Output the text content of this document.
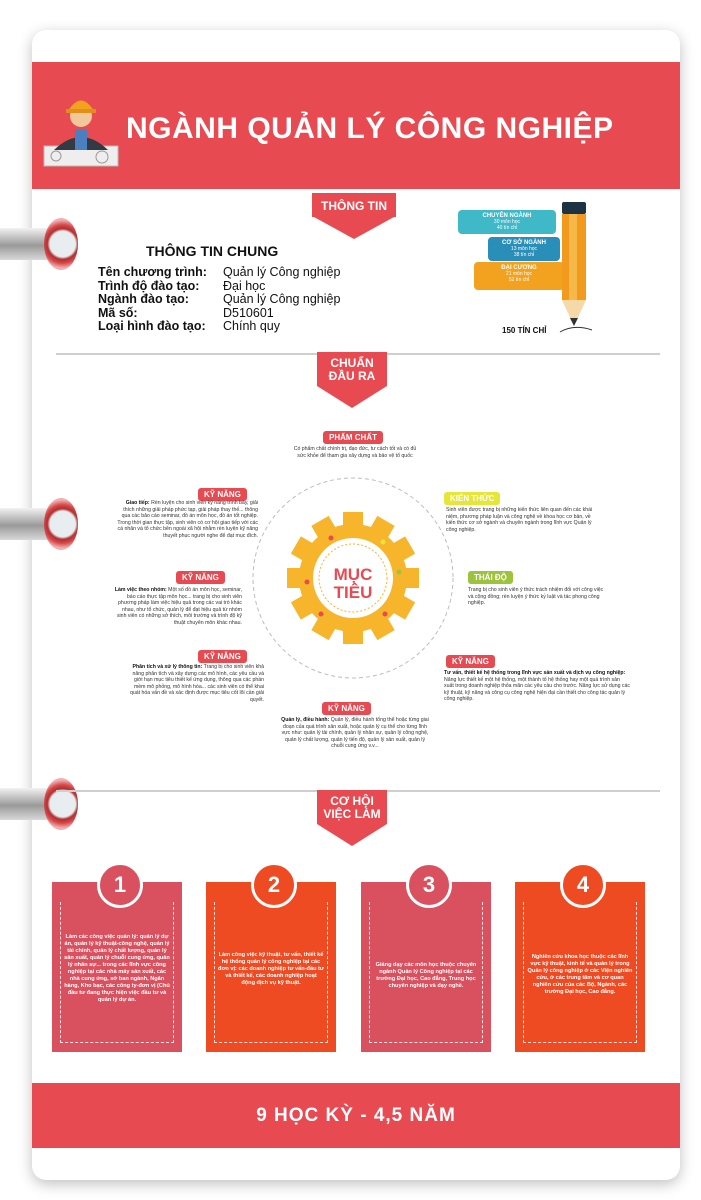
NGÀNH QUẢN LÝ CÔNG NGHIỆP
THÔNG TIN
THÔNG TIN CHUNG
Tên chương trình: Quản lý Công nghiệp
Trình độ đào tạo: Đại học
Ngành đào tạo:	Quản lý Công nghiệp
Mã số:	D510601
Loại hình đào tạo: Chính quy
CHUYÊN NGÀNH
30 môn học
40 tín chỉ
CƠ SỞ NGÀNH
13 môn học
38 tín chỉ
ĐẠI CƯƠNG
21 môn học
52 tín chỉ
150 TÍN CHỈ
CHUẨN
ĐẦU RA
MỤC
TIÊU
PHẨM CHẤT
Có phẩm chất chính trị, đạo đức, tư cách tốt và có đủ sức khỏe để tham gia xây dựng và bảo vệ tổ quốc
KIẾN THỨC
Sinh viên được trang bị những kiến thức liên quan đến các khái niệm, phương pháp luận và công nghệ về khoa học cơ bản, về kiến thức cơ sở ngành và chuyên ngành trong lĩnh vực Quản lý công nghiệp.
THÁI ĐỘ
Trang bị cho sinh viên ý thức trách nhiệm đối với công việc và cộng đồng; rèn luyện ý thức kỷ luật và tác phong công nghiệp.
KỸ NĂNG
Giao tiếp: Rèn luyện cho sinh viên kỹ năng trình bày, giải thích những giải pháp phức tạp, giải pháp thay thế... thông qua các bảo cáo seminar, đồ án môn học, đồ án tốt nghiệp. Trong thời gian thực tập, sinh viên có cơ hội giao tiếp với các cá nhân và tổ chức bên ngoài xã hội nhằm rèn luyện kỹ năng thuyết phục người nghe để đạt mục đích.
KỸ NĂNG
Làm việc theo nhóm: Một số đồ án môn học, seminar, báo cáo thực tập môn học... trang bị cho sinh viên phương pháp làm việc hiệu quả trong các vai trò khác nhau, như tổ chức, quản lý để đạt hiệu quả từ nhóm sinh viên có những sở thích, môi trường và trình độ kỹ thuật chuyên môn khác nhau.
KỸ NĂNG
Phân tích và xử lý thông tin: Trang bị cho sinh viên khả năng phân tích và xây dựng các mô hình, các yêu cầu và giới hạn mục tiêu thiết kế ứng dụng, thông qua các phần mềm mô phỏng, mô hình hóa... các sinh viên có thể khai quát hóa vấn đề và xác định được mục tiêu cốt lõi cần giải quyết.
KỸ NĂNG
Quản lý, điều hành: Quản lý, điều hành tổng thể hoặc từng giai đoạn của quá trình sản xuất, hoặc quản lý cụ thể cho từng lĩnh vực như: quản lý tài chính, quản lý nhân sự, quản lý công nghệ, quản lý chất lượng, quản lý tiến độ, quản lý sản xuất, quản lý chuỗi cung ứng v.v...
KỸ NĂNG
Tư vấn, thiết kế hệ thống trong lĩnh vực sản xuất và dịch vụ công nghiệp: Năng lực thiết kế một hệ thống, một thành tố hệ thống hay một quá trình sản xuất trong doanh nghiệp thỏa mãn các yêu cầu cho trước. Năng lực sử dụng các kỹ thuật, kỹ năng và công cụ công nghệ hiện đại cần thiết cho công tác quản lý công nghiệp.
CƠ HỘI
VIỆC LÀM
1
Làm các công việc quản lý: quản lý dự án, quản lý kỹ thuật-công nghệ, quản lý tài chính, quản lý chất lượng, quản lý sản xuất, quản lý chuỗi cung ứng, quản lý nhân sự... trong các lĩnh vực công nghiệp tại các nhà máy sản xuất, các nhà cung ứng, sở ban ngành, Ngân hàng, Kho bạc, các công ty-đơn vị (Chủ đầu tư đang thực hiện việc đầu tư và quản lý dự án.
2
Làm công việc kỹ thuật, tư vấn, thiết kế hệ thống quản lý công nghiệp tại các đơn vị: các doanh nghiệp tư vấn-đầu tư và thiết kế, các doanh nghiệp hoạt động dịch vụ kỹ thuật.
3
Giảng dạy các môn học thuộc chuyên ngành Quản lý Công nghiệp tại các trường Đại học, Cao đẳng, Trung học chuyên nghiệp và dạy nghề.
4
Nghiên cứu khoa học thuộc các lĩnh vực kỹ thuật, kinh tế và quản lý trong Quản lý công nghiệp ở các Viện nghiên cứu, ở các trung tâm và cơ quan nghiên cứu của các Bộ, Ngành, các trường Đại học, Cao đẳng.
9 HỌC KỲ - 4,5 NĂM
